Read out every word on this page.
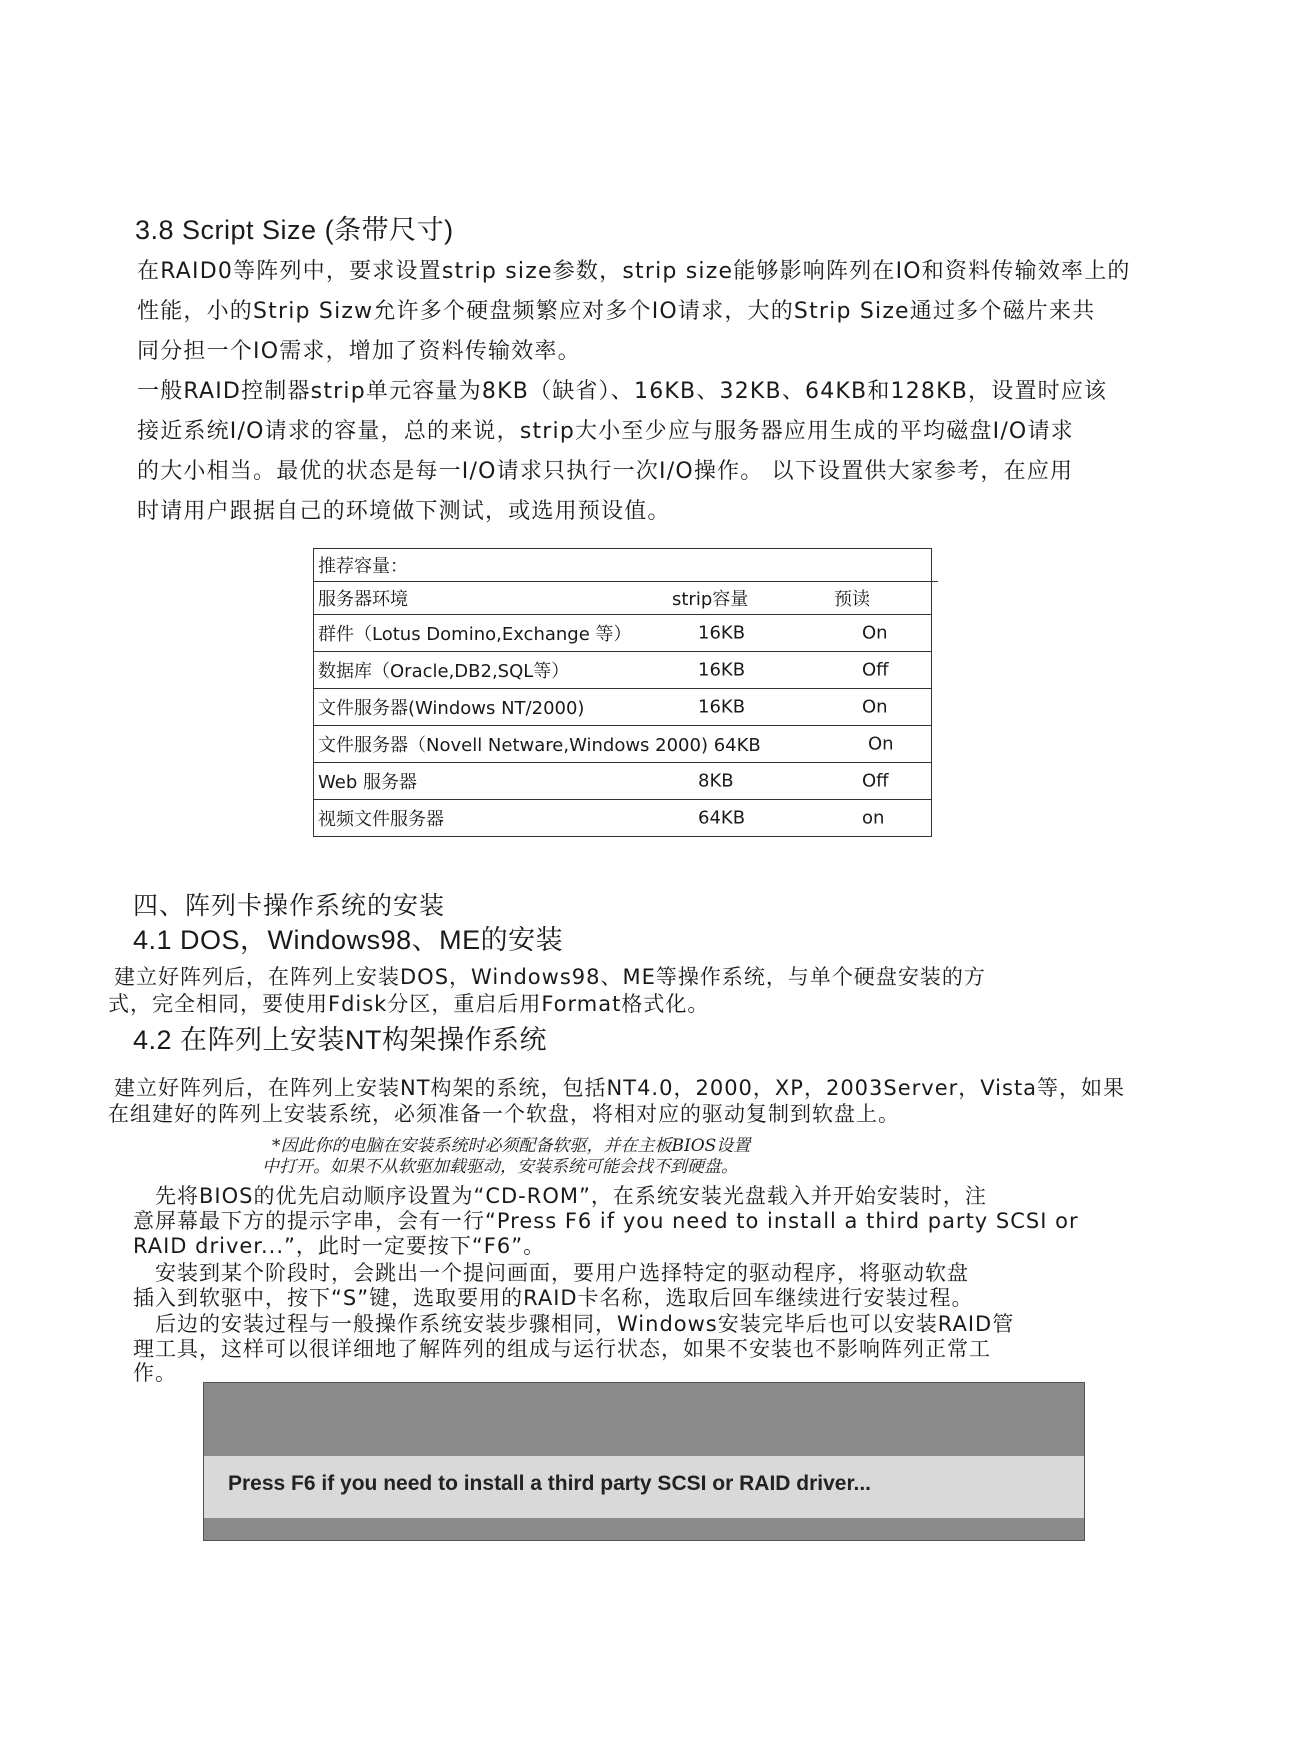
3.8 Script Size (条带尺寸)
在RAID0等阵列中，要求设置strip size参数，strip size能够影响阵列在IO和资料传输效率上的
性能，小的Strip Sizw允许多个硬盘频繁应对多个IO请求，大的Strip Size通过多个磁片来共
同分担一个IO需求，增加了资料传输效率。
一般RAID控制器strip单元容量为8KB（缺省）、16KB、32KB、64KB和128KB，设置时应该
接近系统I/O请求的容量，总的来说，strip大小至少应与服务器应用生成的平均磁盘I/O请求
的大小相当。最优的状态是每一I/O请求只执行一次I/O操作。 以下设置供大家参考，在应用
时请用户跟据自己的环境做下测试，或选用预设值。
推荐容量：
服务器环境	strip容量	预读
群件（Lotus Domino,Exchange 等）	16KB	On
数据库（Oracle,DB2,SQL等）	16KB	Off
文件服务器(Windows NT/2000)	16KB	On
文件服务器（Novell Netware,Windows 2000) 64KB	On
Web 服务器	8KB	Off
视频文件服务器	64KB	on
四、阵列卡操作系统的安装
4.1 DOS，Windows98、ME的安装
建立好阵列后，在阵列上安装DOS，Windows98、ME等操作系统，与单个硬盘安装的方
式，完全相同，要使用Fdisk分区，重启后用Format格式化。
4.2 在阵列上安装NT构架操作系统
建立好阵列后，在阵列上安装NT构架的系统，包括NT4.0，2000，XP，2003Server，Vista等，如果
在组建好的阵列上安装系统，必须准备一个软盘，将相对应的驱动复制到软盘上。
*因此你的电脑在安装系统时必须配备软驱，并在主板BIOS设置
中打开。如果不从软驱加载驱动，安装系统可能会找不到硬盘。
　先将BIOS的优先启动顺序设置为“CD-ROM”，在系统安装光盘载入并开始安装时，注
意屏幕最下方的提示字串，会有一行“Press F6 if you need to install a third party SCSI or
RAID driver...”，此时一定要按下“F6”。
　安装到某个阶段时，会跳出一个提问画面，要用户选择特定的驱动程序，将驱动软盘
插入到软驱中，按下“S”键，选取要用的RAID卡名称，选取后回车继续进行安装过程。
　后边的安装过程与一般操作系统安装步骤相同，Windows安装完毕后也可以安装RAID管
理工具，这样可以很详细地了解阵列的组成与运行状态，如果不安装也不影响阵列正常工
作。
Press F6 if you need to install a third party SCSI or RAID driver...
